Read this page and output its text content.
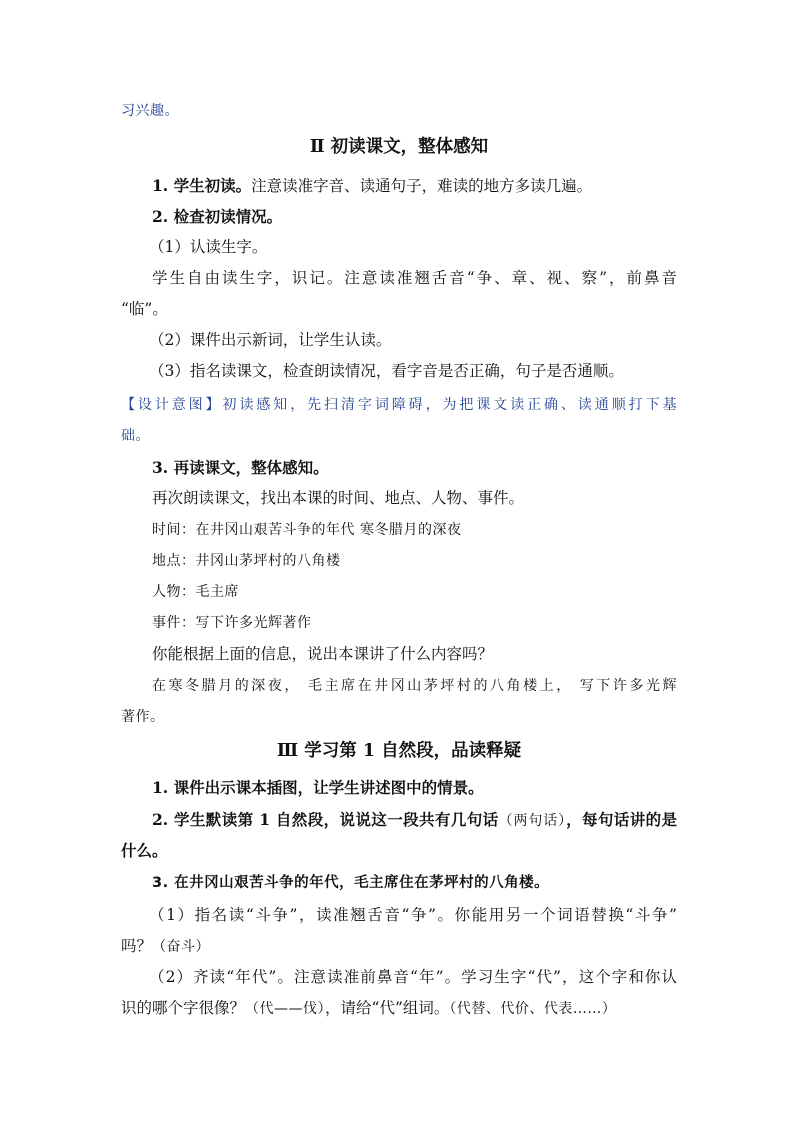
习兴趣。

Ⅱ 初读课文，整体感知

1. 学生初读。注意读准字音、读通句子，难读的地方多读几遍。

2. 检查初读情况。

（1）认读生字。

学生自由读生字，识记。注意读准翘舌音“争、章、视、察”，前鼻音

“临”。

（2）课件出示新词，让学生认读。

（3）指名读课文，检查朗读情况，看字音是否正确，句子是否通顺。

【设计意图】初读感知，先扫清字词障碍，为把课文读正确、读通顺打下基

础。

3. 再读课文，整体感知。

再次朗读课文，找出本课的时间、地点、人物、事件。

时间：在井冈山艰苦斗争的年代 寒冬腊月的深夜

地点：井冈山茅坪村的八角楼

人物：毛主席

事件：写下许多光辉著作

你能根据上面的信息，说出本课讲了什么内容吗？

在寒冬腊月的深夜， 毛主席在井冈山茅坪村的八角楼上， 写下许多光辉

著作。

Ⅲ 学习第 1 自然段，品读释疑

1. 课件出示课本插图，让学生讲述图中的情景。

2. 学生默读第 1 自然段，说说这一段共有几句话（两句话），每句话讲的是

什么。

3. 在井冈山艰苦斗争的年代，毛主席住在茅坪村的八角楼。

（1）指名读“斗争”，读准翘舌音“争”。你能用另一个词语替换“斗争”

吗？（奋斗）

（2）齐读“年代”。注意读准前鼻音“年”。学习生字“代”，这个字和你认

识的哪个字很像？（代——伐），请给“代”组词。（代替、代价、代表……）
